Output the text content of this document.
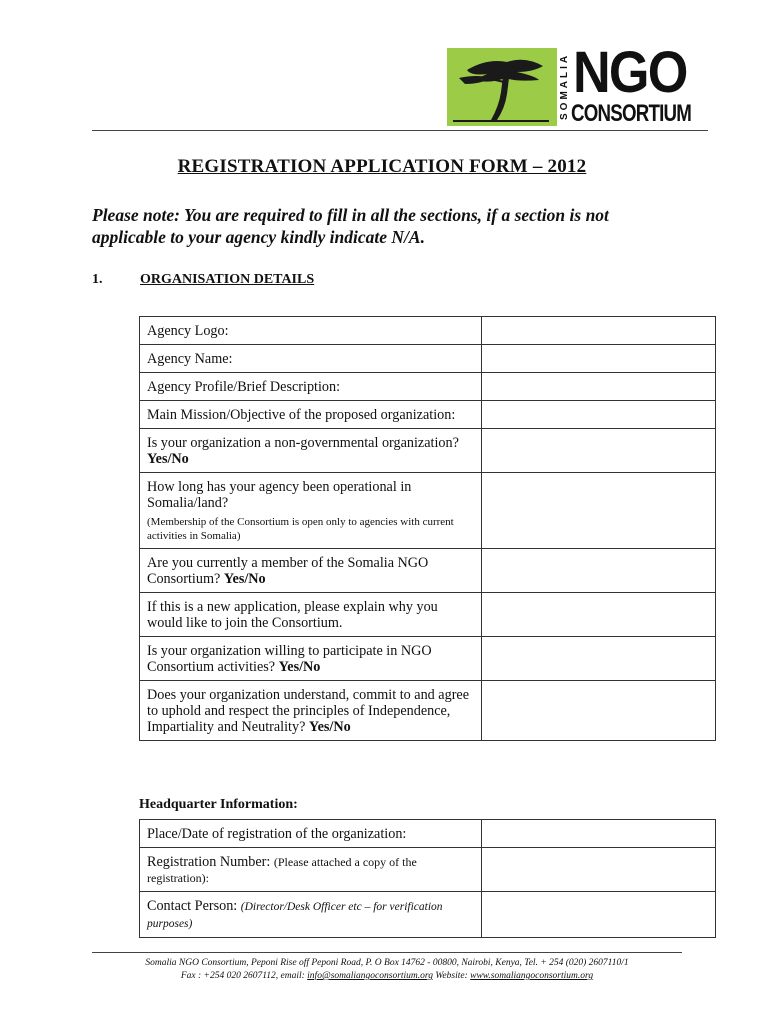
SOMALIA NGO
CONSORTIUM
REGISTRATION APPLICATION FORM – 2012
Please note: You are required to fill in all the sections, if a section is not applicable to your agency kindly indicate N/A.
1.	ORGANISATION DETAILS
Agency Logo:	
Agency Name:	
Agency Profile/Brief Description:	
Main Mission/Objective of the proposed organization:	
Is your organization a non-governmental organization? Yes/No	
How long has your agency been operational in Somalia/land?
(Membership of the Consortium is open only to agencies with current activities in Somalia)	

Are you currently a member of the Somalia NGO Consortium? Yes/No	
If this is a new application, please explain why you would like to join the Consortium.	
Is your organization willing to participate in NGO Consortium activities? Yes/No	
Does your organization understand, commit to and agree to uphold and respect the principles of Independence, Impartiality and Neutrality? Yes/No	
Headquarter Information:
Place/Date of registration of the organization:	
Registration Number: (Please attached a copy of the registration):	
Contact Person: (Director/Desk Officer etc – for verification purposes)	
Somalia NGO Consortium, Peponi Rise off Peponi Road, P. O Box 14762 - 00800, Nairobi, Kenya, Tel. + 254 (020) 2607110/1
Fax : +254 020 2607112, email: info@somaliangoconsortium.org Website: www.somaliangoconsortium.org
